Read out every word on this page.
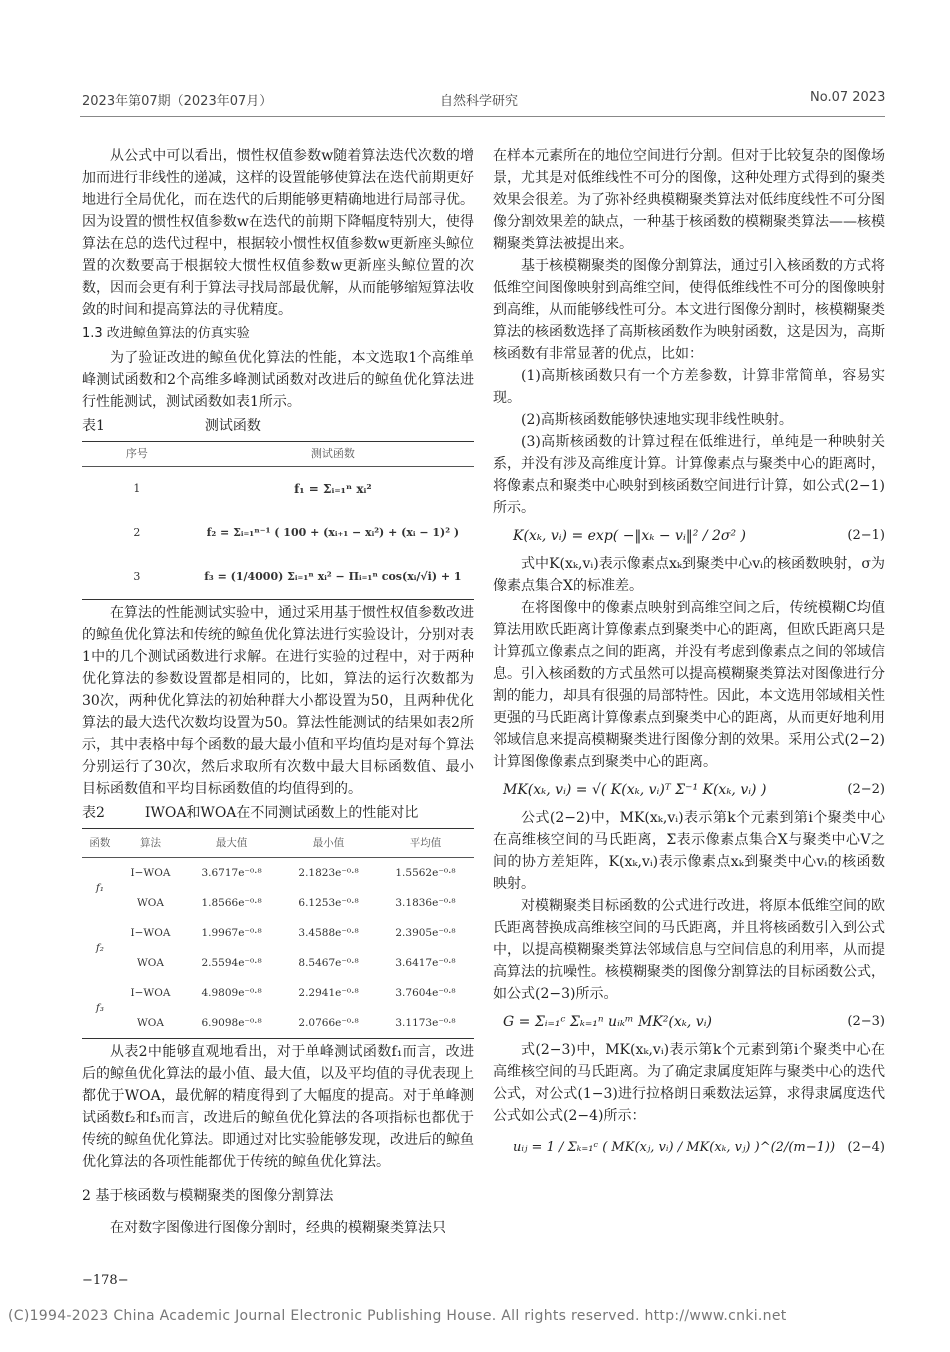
2023年第07期（2023年07月）	自然科学研究	No.07 2023

从公式中可以看出，惯性权值参数w随着算法迭代次数的增加而进行非线性的递减，这样的设置能够使算法在迭代前期更好地进行全局优化，而在迭代的后期能够更精确地进行局部寻优。因为设置的惯性权值参数w在迭代的前期下降幅度特别大，使得算法在总的迭代过程中，根据较小惯性权值参数w更新座头鲸位置的次数要高于根据较大惯性权值参数w更新座头鲸位置的次数，因而会更有利于算法寻找局部最优解，从而能够缩短算法收敛的时间和提高算法的寻优精度。

1.3 改进鲸鱼算法的仿真实验

为了验证改进的鲸鱼优化算法的性能，本文选取1个高维单峰测试函数和2个高维多峰测试函数对改进后的鲸鱼优化算法进行性能测试，测试函数如表1所示。

表1	测试函数
序号	测试函数
1	f₁ = Σᵢ₌₁ⁿ xᵢ²
2	f₂ = Σᵢ₌₁ⁿ⁻¹ ( 100 + (xᵢ₊₁ − xᵢ²) + (xᵢ − 1)² )
3	f₃ = (1/4000) Σᵢ₌₁ⁿ xᵢ² − Πᵢ₌₁ⁿ cos(xᵢ/√i) + 1

在算法的性能测试实验中，通过采用基于惯性权值参数改进的鲸鱼优化算法和传统的鲸鱼优化算法进行实验设计，分别对表1中的几个测试函数进行求解。在进行实验的过程中，对于两种优化算法的参数设置都是相同的，比如，算法的运行次数都为30次，两种优化算法的初始种群大小都设置为50，且两种优化算法的最大迭代次数均设置为50。算法性能测试的结果如表2所示，其中表格中每个函数的最大最小值和平均值均是对每个算法分别运行了30次，然后求取所有次数中最大目标函数值、最小目标函数值和平均目标函数值的均值得到的。

表2	IWOA和WOA在不同测试函数上的性能对比
函数	算法	最大值	最小值	平均值
f₁	I−WOA	3.6717e⁻⁰·⁸	2.1823e⁻⁰·⁸	1.5562e⁻⁰·⁸
	WOA	1.8566e⁻⁰·⁸	6.1253e⁻⁰·⁸	3.1836e⁻⁰·⁸
f₂	I−WOA	1.9967e⁻⁰·⁸	3.4588e⁻⁰·⁸	2.3905e⁻⁰·⁸
	WOA	2.5594e⁻⁰·⁸	8.5467e⁻⁰·⁸	3.6417e⁻⁰·⁸
f₃	I−WOA	4.9809e⁻⁰·⁸	2.2941e⁻⁰·⁸	3.7604e⁻⁰·⁸
	WOA	6.9098e⁻⁰·⁸	2.0766e⁻⁰·⁸	3.1173e⁻⁰·⁸

从表2中能够直观地看出，对于单峰测试函数f₁而言，改进后的鲸鱼优化算法的最小值、最大值，以及平均值的寻优表现上都优于WOA，最优解的精度得到了大幅度的提高。对于单峰测试函数f₂和f₃而言，改进后的鲸鱼优化算法的各项指标也都优于传统的鲸鱼优化算法。即通过对比实验能够发现，改进后的鲸鱼优化算法的各项性能都优于传统的鲸鱼优化算法。

2 基于核函数与模糊聚类的图像分割算法

在对数字图像进行图像分割时，经典的模糊聚类算法只

在样本元素所在的地位空间进行分割。但对于比较复杂的图像场景，尤其是对低维线性不可分的图像，这种处理方式得到的聚类效果会很差。为了弥补经典模糊聚类算法对低纬度线性不可分图像分割效果差的缺点，一种基于核函数的模糊聚类算法——核模糊聚类算法被提出来。

基于核模糊聚类的图像分割算法，通过引入核函数的方式将低维空间图像映射到高维空间，使得低维线性不可分的图像映射到高维，从而能够线性可分。本文进行图像分割时，核模糊聚类算法的核函数选择了高斯核函数作为映射函数，这是因为，高斯核函数有非常显著的优点，比如：

(1)高斯核函数只有一个方差参数，计算非常简单，容易实现。

(2)高斯核函数能够快速地实现非线性映射。

(3)高斯核函数的计算过程在低维进行，单纯是一种映射关系，并没有涉及高维度计算。计算像素点与聚类中心的距离时，将像素点和聚类中心映射到核函数空间进行计算，如公式(2−1)所示。

K(xₖ, vᵢ) = exp( −‖xₖ − vᵢ‖² / 2σ² )	(2−1)

式中K(xₖ,vᵢ)表示像素点xₖ到聚类中心vᵢ的核函数映射，σ为像素点集合X的标准差。

在将图像中的像素点映射到高维空间之后，传统模糊C均值算法用欧氏距离计算像素点到聚类中心的距离，但欧氏距离只是计算孤立像素点之间的距离，并没有考虑到像素点之间的邻域信息。引入核函数的方式虽然可以提高模糊聚类算法对图像进行分割的能力，却具有很强的局部特性。因此，本文选用邻域相关性更强的马氏距离计算像素点到聚类中心的距离，从而更好地利用邻域信息来提高模糊聚类进行图像分割的效果。采用公式(2−2)计算图像像素点到聚类中心的距离。

MK(xₖ, vᵢ) = √( K(xₖ, vᵢ)ᵀ Σ⁻¹ K(xₖ, vᵢ) )	(2−2)

公式(2−2)中，MK(xₖ,vᵢ)表示第k个元素到第i个聚类中心在高维核空间的马氏距离，Σ表示像素点集合X与聚类中心V之间的协方差矩阵，K(xₖ,vᵢ)表示像素点xₖ到聚类中心vᵢ的核函数映射。

对模糊聚类目标函数的公式进行改进，将原本低维空间的欧氏距离替换成高维核空间的马氏距离，并且将核函数引入到公式中，以提高模糊聚类算法邻域信息与空间信息的利用率，从而提高算法的抗噪性。核模糊聚类的图像分割算法的目标函数公式，如公式(2−3)所示。

G = Σᵢ₌₁ᶜ Σₖ₌₁ⁿ uᵢₖᵐ MK²(xₖ, vᵢ)	(2−3)

式(2−3)中，MK(xₖ,vᵢ)表示第k个元素到第i个聚类中心在高维核空间的马氏距离。为了确定隶属度矩阵与聚类中心的迭代公式，对公式(1−3)进行拉格朗日乘数法运算，求得隶属度迭代公式如公式(2−4)所示：

uᵢⱼ = 1 / Σₖ₌₁ᶜ ( MK(xⱼ, vᵢ) / MK(xₖ, vⱼ) )^(2/(m−1)) (2−4)
−178−
(C)1994-2023 China Academic Journal Electronic Publishing House. All rights reserved. http://www.cnki.net
